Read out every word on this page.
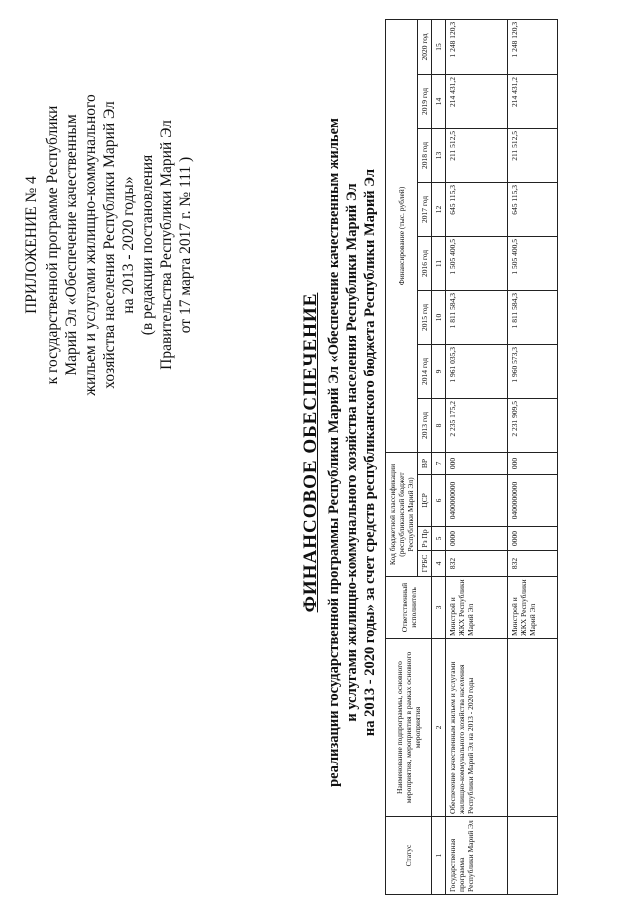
ПРИЛОЖЕНИЕ № 4 к государственной программе Республики Марий Эл «Обеспечение качественным жильем и услугами жилищно-коммунального хозяйства населения Республики Марий Эл на 2013 - 2020 годы» (в редакции постановления Правительства Республики Марий Эл от 17 марта 2017 г. № 111 )
ФИНАНСОВОЕ ОБЕСПЕЧЕНИЕ реализации государственной программы Республики Марий Эл «Обеспечение качественным жильем и услугами жилищно-коммунального хозяйства населения Республики Марий Эл на 2013 - 2020 годы» за счет средств республиканского бюджета Республики Марий Эл
Статус	Наименование подпрограммы, основного мероприятия, мероприятия в рамках основного мероприятия	Ответственный исполнитель	Код бюджетной классификации (республиканский бюджет Республики Марий Эл)				Финансирование (тыс. рублей)							
			ГРБС	Рз Пр	ЦСР	ВР	2013 год	2014 год	2015 год	2016 год	2017 год	2018 год	2019 год	2020 год
1	2	3	4	5	6	7	8	9	10	11	12	13	14	15
Государственная программа Республики Марий Эл	Обеспечение качественным жильем и услугами жилищно-коммунального хозяйства населения Республики Марий Эл на 2013 - 2020 годы	Минстрой и ЖКХ Республики Марий Эл	832	0000	0400000000	000	2 235 175,2	1 961 035,3	1 811 584,3	1 505 400,5	645 115,3	211 512,5	214 431,2	1 248 120,3
		Минстрой и ЖКХ Республики Марий Эл	832	0000	0400000000	000	2 231 909,5	1 960 573,3	1 811 584,3	1 505 400,5	645 115,3	211 512,5	214 431,2	1 248 120,3
